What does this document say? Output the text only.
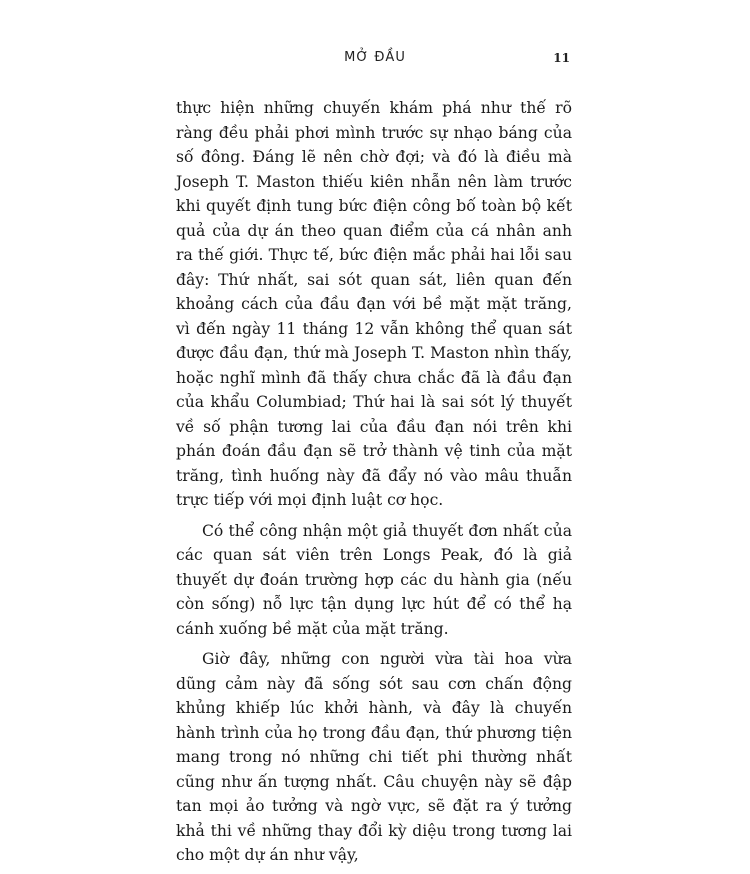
MỞ ĐẦU	11

thực hiện những chuyến khám phá như thế rõ ràng đều phải phơi mình trước sự nhạo báng của số đông. Đáng lẽ nên chờ đợi; và đó là điều mà Joseph T. Maston thiếu kiên nhẫn nên làm trước khi quyết định tung bức điện công bố toàn bộ kết quả của dự án theo quan điểm của cá nhân anh ra thế giới. Thực tế, bức điện mắc phải hai lỗi sau đây: Thứ nhất, sai sót quan sát, liên quan đến khoảng cách của đầu đạn với bề mặt mặt trăng, vì đến ngày 11 tháng 12 vẫn không thể quan sát được đầu đạn, thứ mà Joseph T. Maston nhìn thấy, hoặc nghĩ mình đã thấy chưa chắc đã là đầu đạn của khẩu Columbiad; Thứ hai là sai sót lý thuyết về số phận tương lai của đầu đạn nói trên khi phán đoán đầu đạn sẽ trở thành vệ tinh của mặt trăng, tình huống này đã đẩy nó vào mâu thuẫn trực tiếp với mọi định luật cơ học.

Có thể công nhận một giả thuyết đơn nhất của các quan sát viên trên Longs Peak, đó là giả thuyết dự đoán trường hợp các du hành gia (nếu còn sống) nỗ lực tận dụng lực hút để có thể hạ cánh xuống bề mặt của mặt trăng.

Giờ đây, những con người vừa tài hoa vừa dũng cảm này đã sống sót sau cơn chấn động khủng khiếp lúc khởi hành, và đây là chuyến hành trình của họ trong đầu đạn, thứ phương tiện mang trong nó những chi tiết phi thường nhất cũng như ấn tượng nhất. Câu chuyện này sẽ đập tan mọi ảo tưởng và ngờ vực, sẽ đặt ra ý tưởng khả thi về những thay đổi kỳ diệu trong tương lai cho một dự án như vậy,
